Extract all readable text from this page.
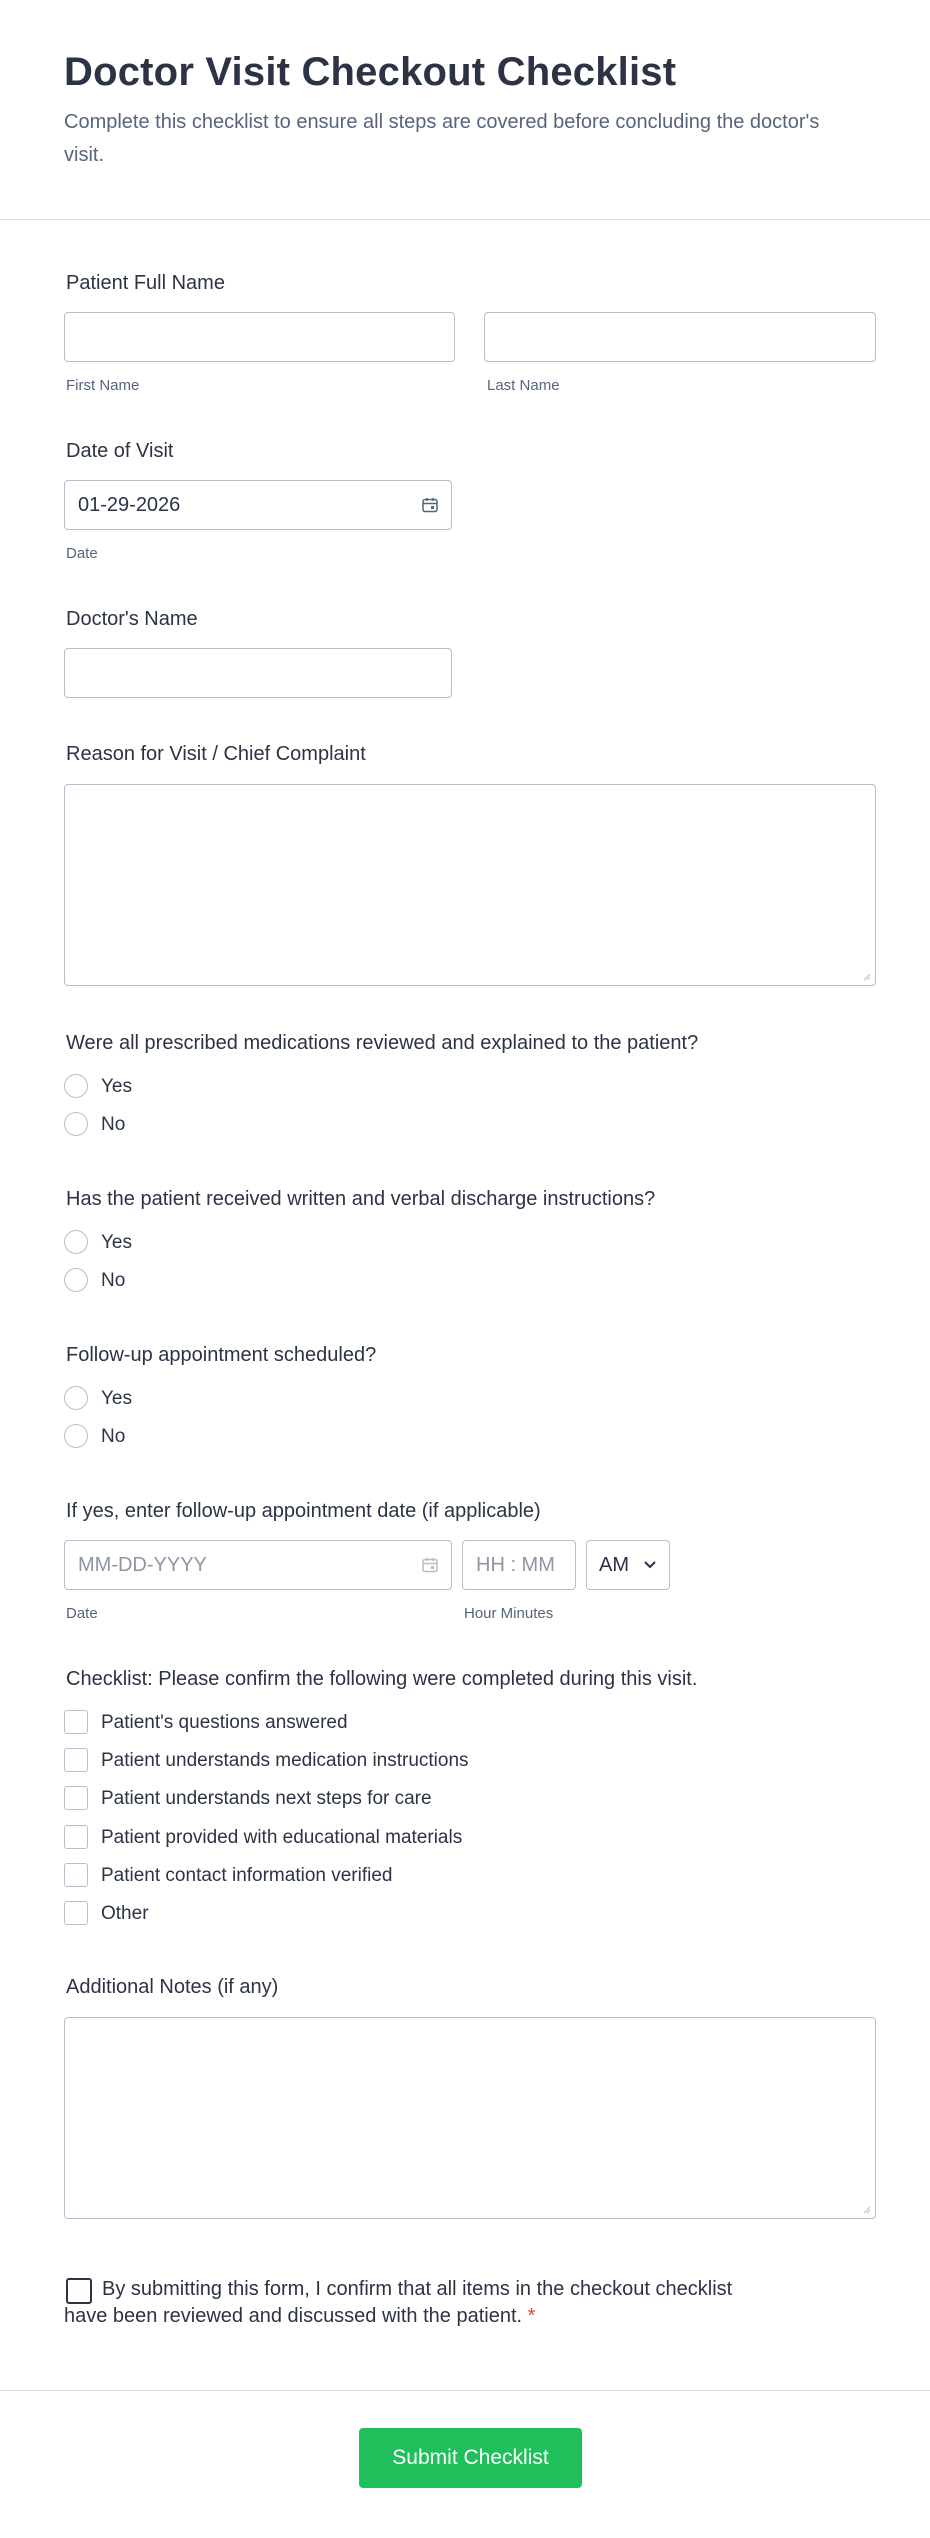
Doctor Visit Checkout Checklist
Complete this checklist to ensure all steps are covered before concluding the doctor's visit.
Patient Full Name
First Name	Last Name
Date of Visit
01-29-2026
Date
Doctor's Name
Reason for Visit / Chief Complaint
Were all prescribed medications reviewed and explained to the patient?
Yes
No
Has the patient received written and verbal discharge instructions?
Yes
No
Follow-up appointment scheduled?
Yes
No
If yes, enter follow-up appointment date (if applicable)
MM-DD-YYYY	HH : MM AM
Date	Hour Minutes
Checklist: Please confirm the following were completed during this visit.
Patient's questions answered
Patient understands medication instructions
Patient understands next steps for care
Patient provided with educational materials
Patient contact information verified
Other
Additional Notes (if any)
By submitting this form, I confirm that all items in the checkout checklist
have been reviewed and discussed with the patient. *
Submit Checklist
